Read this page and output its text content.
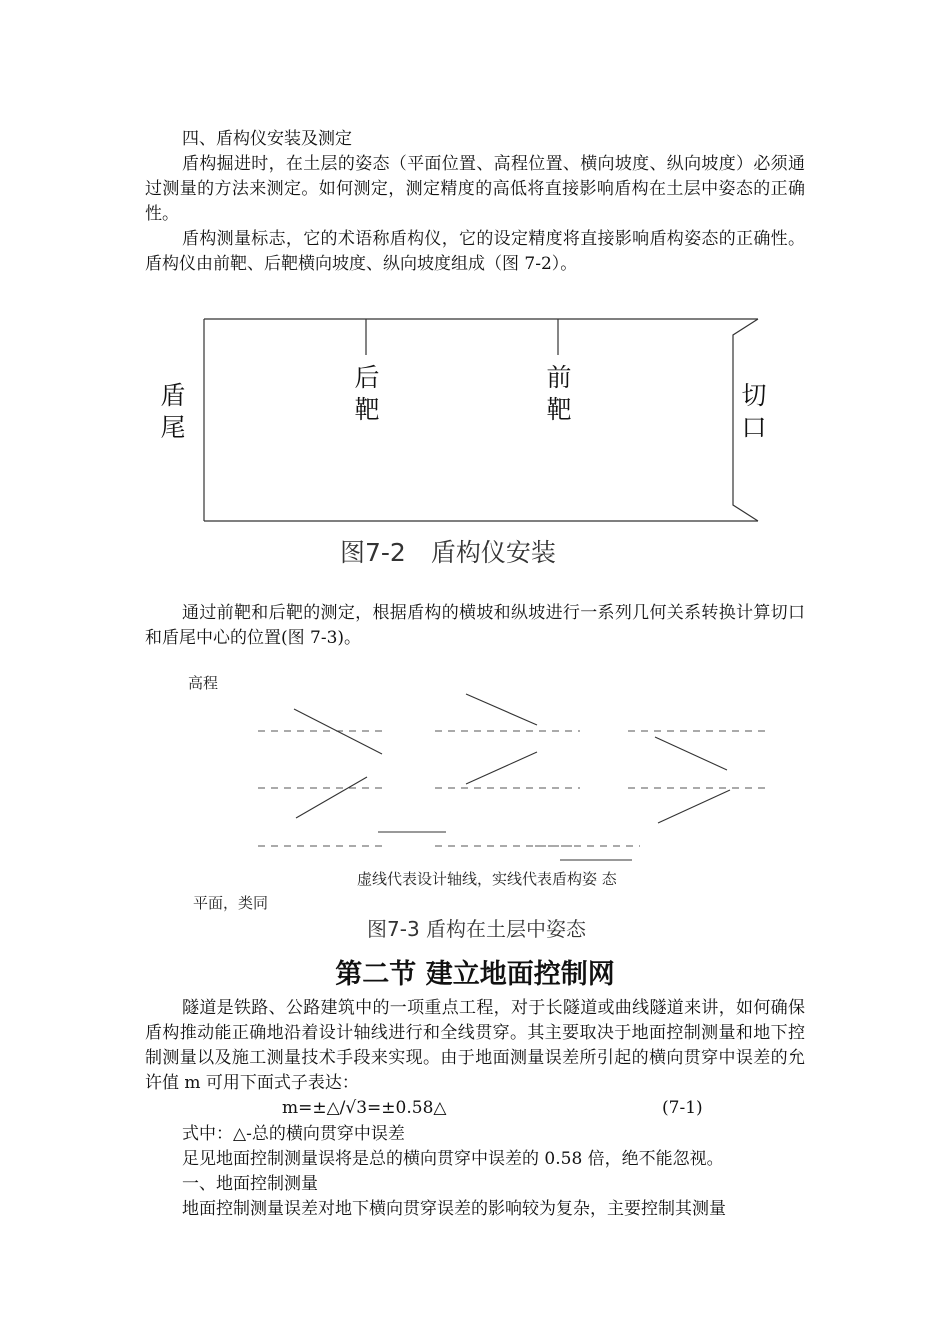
四、盾构仪安装及测定

盾构掘进时，在土层的姿态（平面位置、高程位置、横向坡度、纵向坡度）必须通过测量的方法来测定。如何测定，测定精度的高低将直接影响盾构在土层中姿态的正确性。

盾构测量标志，它的术语称盾构仪，它的设定精度将直接影响盾构姿态的正确性。盾构仪由前靶、后靶横向坡度、纵向坡度组成（图 7-2）。

盾尾
后靶
前靶	切口
图7-2　盾构仪安装

通过前靶和后靶的测定，根据盾构的横坡和纵坡进行一系列几何关系转换计算切口和盾尾中心的位置(图 7-3)。

高程
虚线代表设计轴线，实线代表盾构姿 态
平面，类同
图7-3 盾构在土层中姿态
第二节 建立地面控制网

隧道是铁路、公路建筑中的一项重点工程，对于长隧道或曲线隧道来讲，如何确保盾构推动能正确地沿着设计轴线进行和全线贯穿。其主要取决于地面控制测量和地下控制测量以及施工测量技术手段来实现。由于地面测量误差所引起的横向贯穿中误差的允许值 m 可用下面式子表达：

m=±△/√3=±0.58△	(7-1)

式中：△-总的横向贯穿中误差

足见地面控制测量误将是总的横向贯穿中误差的 0.58 倍，绝不能忽视。

一、地面控制测量

地面控制测量误差对地下横向贯穿误差的影响较为复杂，主要控制其测量
